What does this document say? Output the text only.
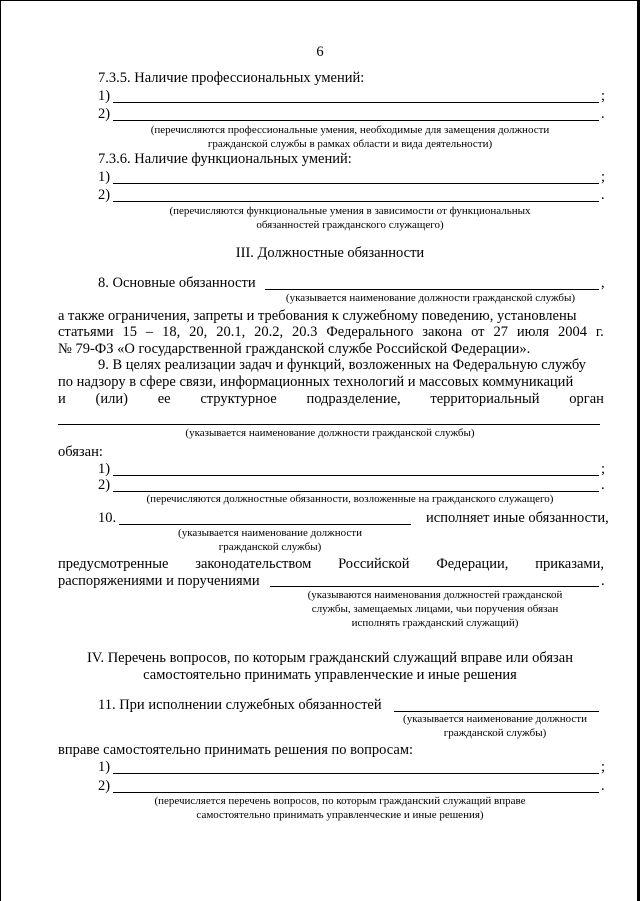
6
7.3.5. Наличие профессиональных умений:
1)	;
2)	.
(перечисляются профессиональные умения, необходимые для замещения должности
гражданской службы в рамках области и вида деятельности)
7.3.6. Наличие функциональных умений:
1)	;
2)	.
(перечисляются функциональные умения в зависимости от функциональных
обязанностей гражданского служащего)
III. Должностные обязанности
8. Основные обязанности	,
(указывается наименование должности гражданской службы)
а также ограничения, запреты и требования к служебному поведению, установлены
статьями 15 – 18, 20, 20.1, 20.2, 20.3 Федерального закона от 27 июля 2004 г.
№ 79-ФЗ «О государственной гражданской службе Российской Федерации».
9. В целях реализации задач и функций, возложенных на Федеральную службу
по надзору в сфере связи, информационных технологий и массовых коммуникаций
и (или) ее структурное подразделение, территориальный орган
(указывается наименование должности гражданской службы)
обязан:
1)	;
2)	.
(перечисляются должностные обязанности, возложенные на гражданского служащего)
10.	исполняет иные обязанности,
(указывается наименование должности
гражданской службы)
предусмотренные законодательством Российской Федерации, приказами,
распоряжениями и поручениями	.
(указываются наименования должностей гражданской
службы, замещаемых лицами, чьи поручения обязан
исполнять гражданский служащий)
IV. Перечень вопросов, по которым гражданский служащий вправе или обязан
самостоятельно принимать управленческие и иные решения
11. При исполнении служебных обязанностей
(указывается наименование должности
гражданской службы)
вправе самостоятельно принимать решения по вопросам:
1)	;
2)	.
(перечисляется перечень вопросов, по которым гражданский служащий вправе
самостоятельно принимать управленческие и иные решения)
